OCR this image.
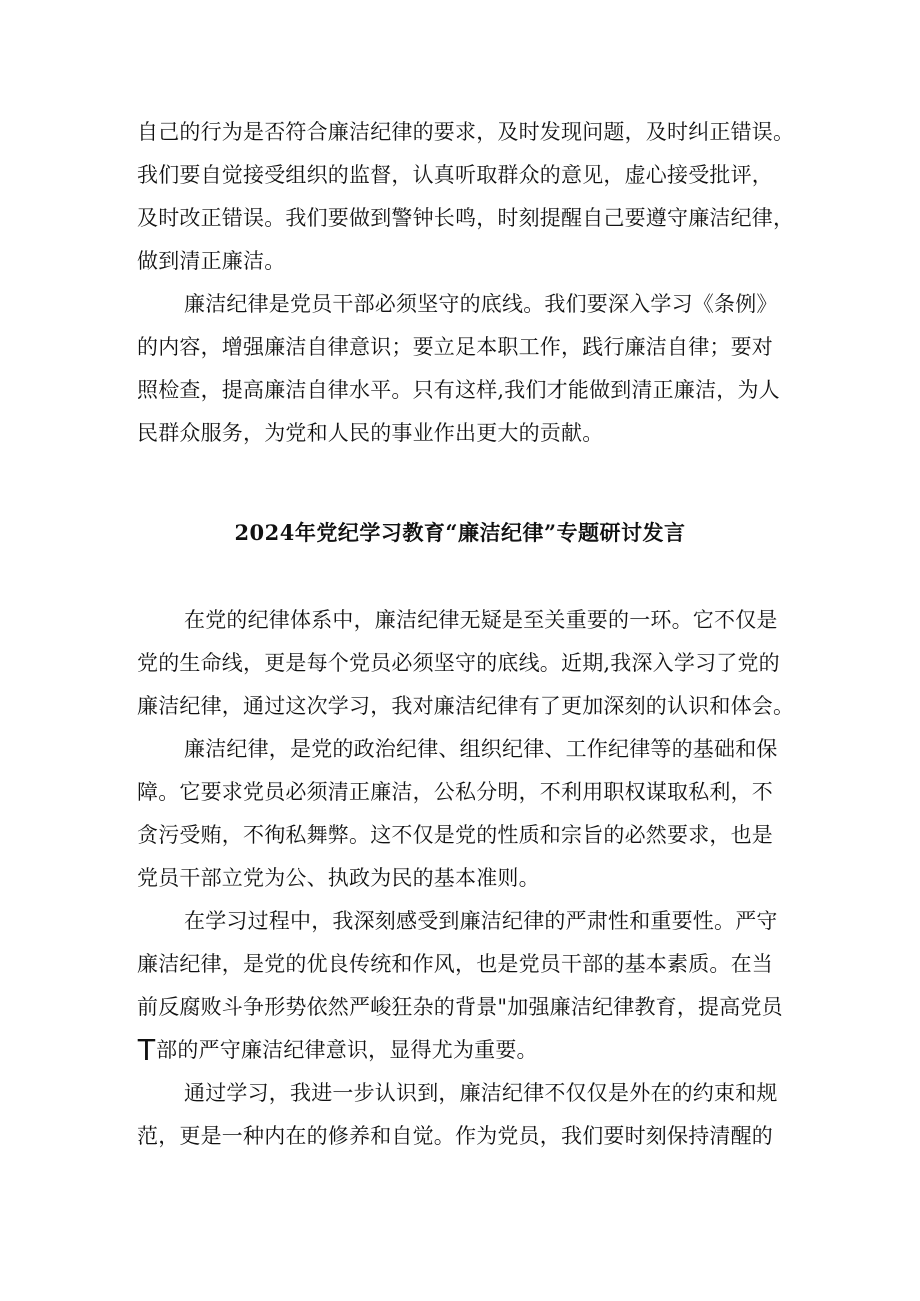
自己的行为是否符合廉洁纪律的要求，及时发现问题，及时纠正错误。

我们要自觉接受组织的监督，认真听取群众的意见，虚心接受批评，

及时改正错误。我们要做到警钟长鸣，时刻提醒自己要遵守廉洁纪律，

做到清正廉洁。

廉洁纪律是党员干部必须坚守的底线。我们要深入学习《条例》

的内容，增强廉洁自律意识；要立足本职工作，践行廉洁自律；要对

照检查，提高廉洁自律水平。只有这样,我们才能做到清正廉洁，为人

民群众服务，为党和人民的事业作出更大的贡献。

2024年党纪学习教育“廉洁纪律”专题研讨发言

在党的纪律体系中，廉洁纪律无疑是至关重要的一环。它不仅是

党的生命线，更是每个党员必须坚守的底线。近期,我深入学习了党的

廉洁纪律，通过这次学习，我对廉洁纪律有了更加深刻的认识和体会。

廉洁纪律，是党的政治纪律、组织纪律、工作纪律等的基础和保

障。它要求党员必须清正廉洁，公私分明，不利用职权谋取私利，不

贪污受贿，不徇私舞弊。这不仅是党的性质和宗旨的必然要求，也是

党员干部立党为公、执政为民的基本准则。

在学习过程中，我深刻感受到廉洁纪律的严肃性和重要性。严守

廉洁纪律，是党的优良传统和作风，也是党员干部的基本素质。在当

前反腐败斗争形势依然严峻狂杂的背景"加强廉洁纪律教育，提高党员

T部的严守廉洁纪律意识，显得尤为重要。

通过学习，我进一步认识到，廉洁纪律不仅仅是外在的约束和规

范，更是一种内在的修养和自觉。作为党员，我们要时刻保持清醒的
